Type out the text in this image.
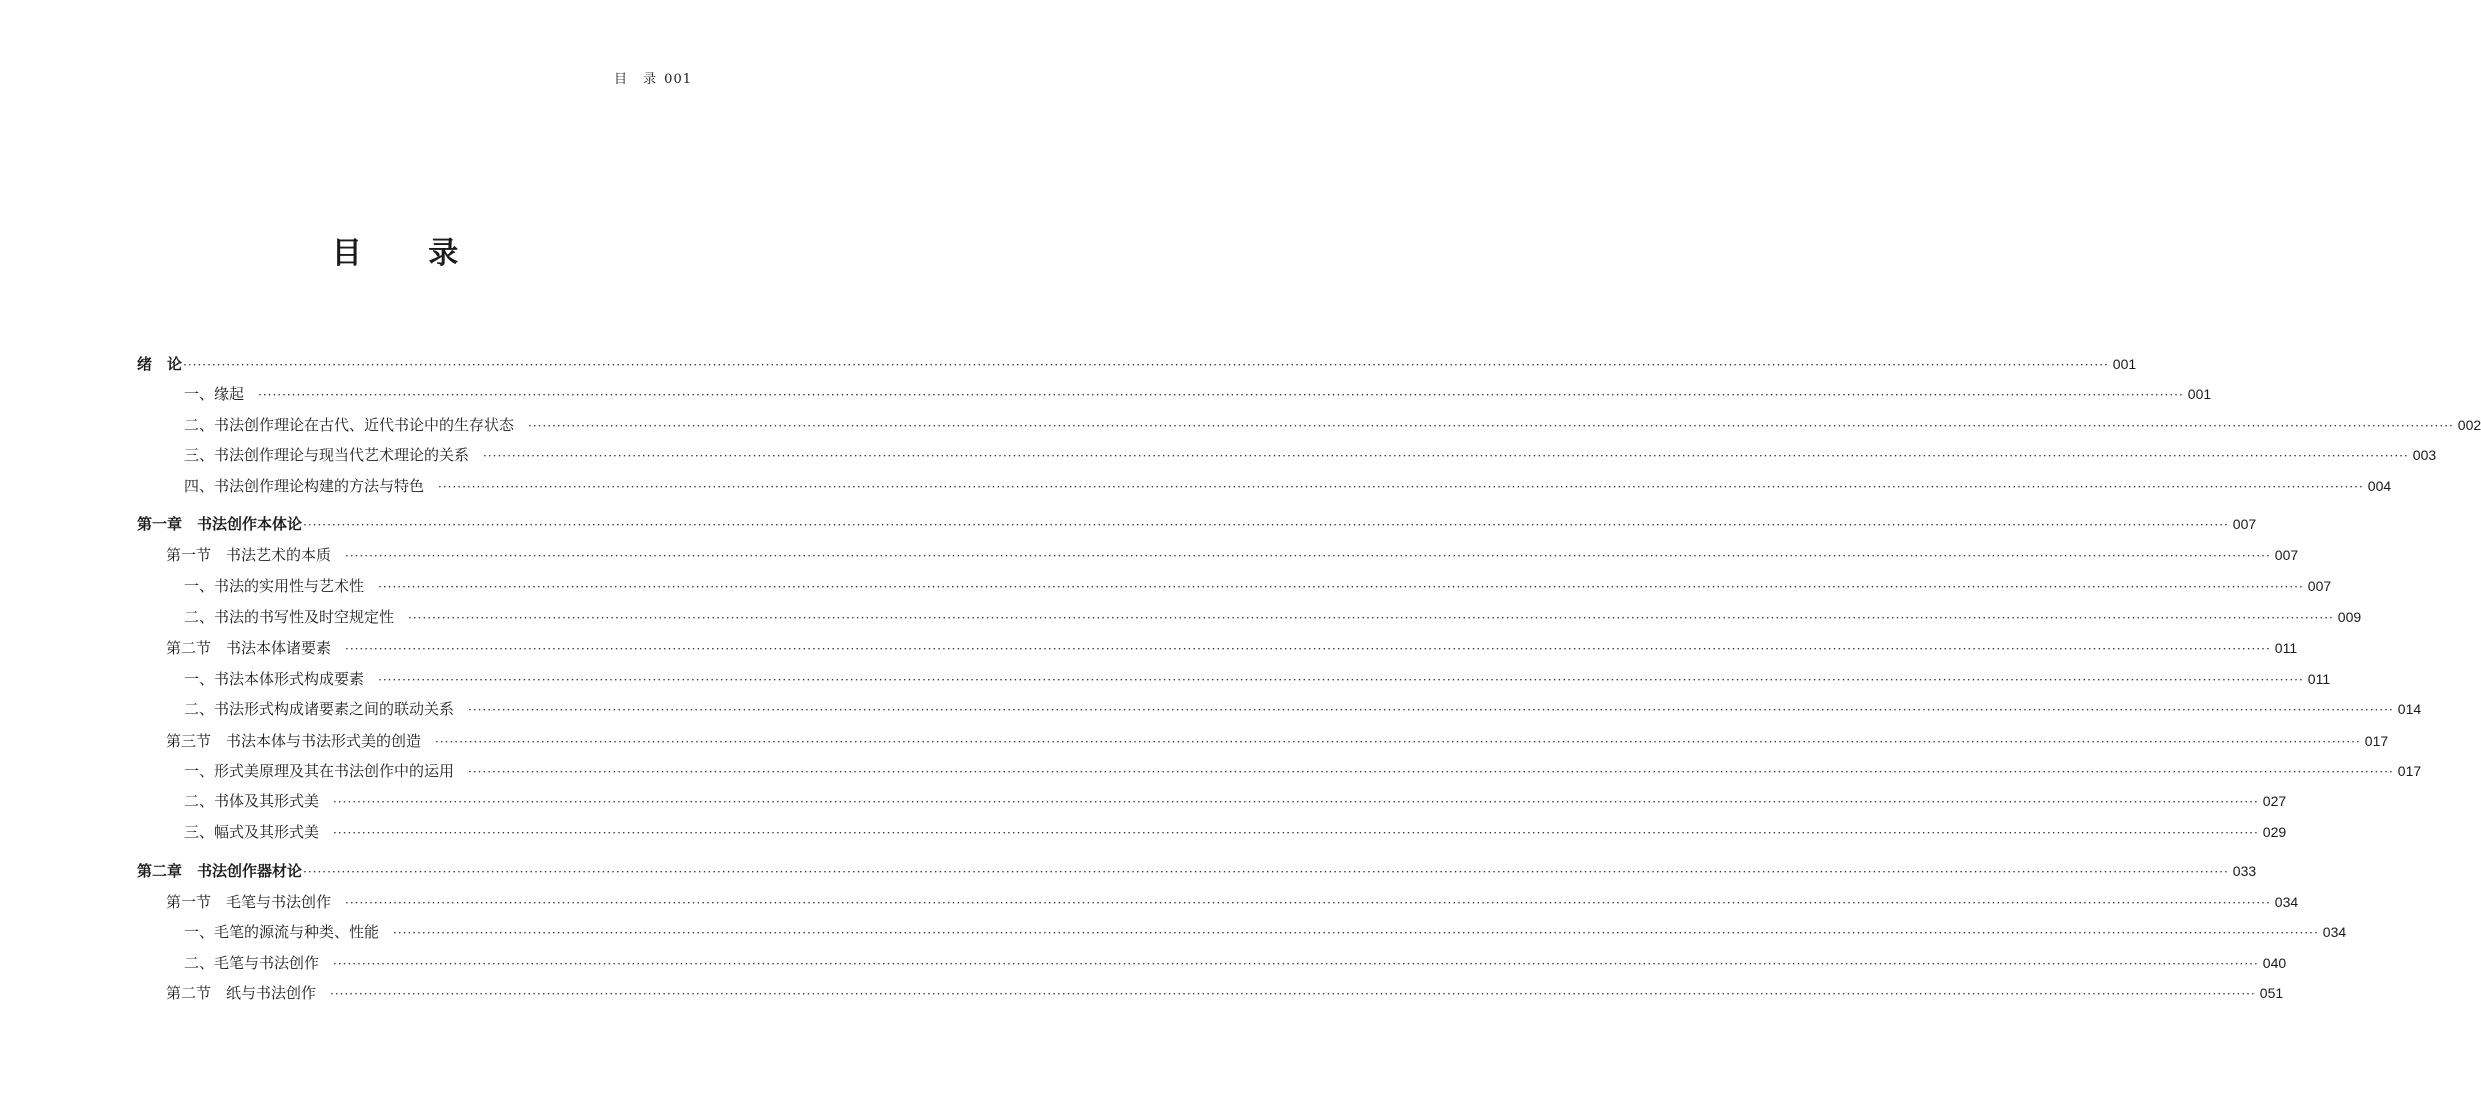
目 录 001
目 录
绪　论 ················································································································································································································································································································································································································ 001
一、缘起 ················································································································································································································································································································································································································ 001
二、书法创作理论在古代、近代书论中的生存状态 ················································································································································································································································································································································································································ 002
三、书法创作理论与现当代艺术理论的关系 ················································································································································································································································································································································································································ 003
四、书法创作理论构建的方法与特色 ················································································································································································································································································································································································································ 004
第一章　书法创作本体论 ················································································································································································································································································································································································································ 007
第一节　书法艺术的本质 ················································································································································································································································································································································································································ 007
一、书法的实用性与艺术性 ················································································································································································································································································································································································································ 007
二、书法的书写性及时空规定性 ················································································································································································································································································································································································································ 009
第二节　书法本体诸要素 ················································································································································································································································································································································································································ 011
一、书法本体形式构成要素 ················································································································································································································································································································································································································ 011
二、书法形式构成诸要素之间的联动关系 ················································································································································································································································································································································································································ 014
第三节　书法本体与书法形式美的创造 ················································································································································································································································································································································································································ 017
一、形式美原理及其在书法创作中的运用 ················································································································································································································································································································································································································ 017
二、书体及其形式美 ················································································································································································································································································································································································································ 027
三、幅式及其形式美 ················································································································································································································································································································································································································ 029
第二章　书法创作器材论 ················································································································································································································································································································································································································ 033
第一节　毛笔与书法创作 ················································································································································································································································································································································································································ 034
一、毛笔的源流与种类、性能 ················································································································································································································································································································································································································ 034
二、毛笔与书法创作 ················································································································································································································································································································································································································ 040
第二节　纸与书法创作 ················································································································································································································································································································································································································ 051
